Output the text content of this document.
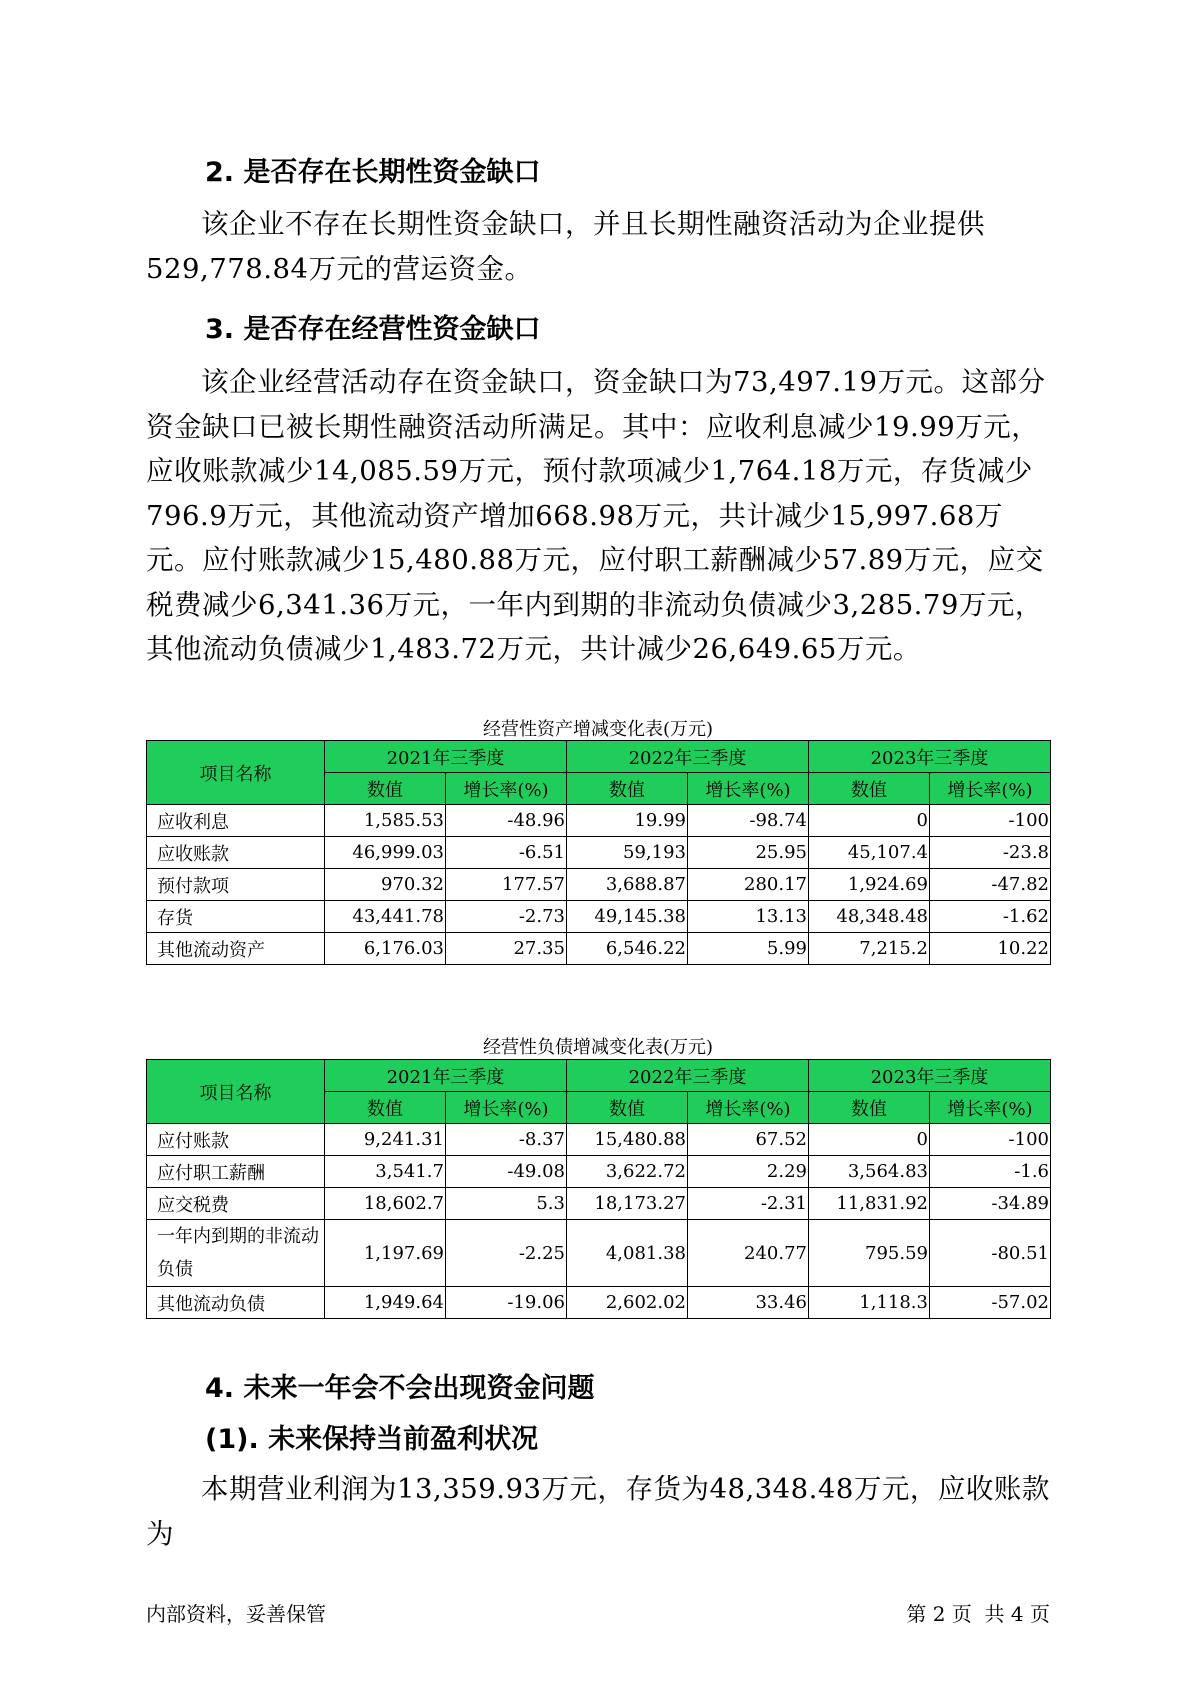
2. 是否存在长期性资金缺口

该企业不存在长期性资金缺口，并且长期性融资活动为企业提供529,778.84万元的营运资金。

3. 是否存在经营性资金缺口

该企业经营活动存在资金缺口，资金缺口为73,497.19万元。这部分资金缺口已被长期性融资活动所满足。其中：应收利息减少19.99万元，应收账款减少14,085.59万元，预付款项减少1,764.18万元，存货减少796.9万元，其他流动资产增加668.98万元，共计减少15,997.68万元。应付账款减少15,480.88万元，应付职工薪酬减少57.89万元，应交税费减少6,341.36万元，一年内到期的非流动负债减少3,285.79万元，其他流动负债减少1,483.72万元，共计减少26,649.65万元。

经营性资产增减变化表(万元)
项目名称	2021年三季度		2022年三季度		2023年三季度	
	数值	增长率(%)	数值	增长率(%)	数值	增长率(%)
应收利息	1,585.53	-48.96	19.99	-98.74	0	-100
应收账款	46,999.03	-6.51	59,193	25.95	45,107.4	-23.8
预付款项	970.32	177.57	3,688.87	280.17	1,924.69	-47.82
存货	43,441.78	-2.73	49,145.38	13.13	48,348.48	-1.62
其他流动资产	6,176.03	27.35	6,546.22	5.99	7,215.2	10.22
经营性负债增减变化表(万元)
项目名称	2021年三季度		2022年三季度		2023年三季度	
	数值	增长率(%)	数值	增长率(%)	数值	增长率(%)
应付账款	9,241.31	-8.37	15,480.88	67.52	0	-100
应付职工薪酬	3,541.7	-49.08	3,622.72	2.29	3,564.83	-1.6
应交税费	18,602.7	5.3	18,173.27	-2.31	11,831.92	-34.89
一年内到期的非流动负债	1,197.69	-2.25	4,081.38	240.77	795.59	-80.51
其他流动负债	1,949.64	-19.06	2,602.02	33.46	1,118.3	-57.02
4. 未来一年会不会出现资金问题
(1). 未来保持当前盈利状况

本期营业利润为13,359.93万元，存货为48,348.48万元，应收账款为

内部资料，妥善保管	第 2 页  共 4 页
